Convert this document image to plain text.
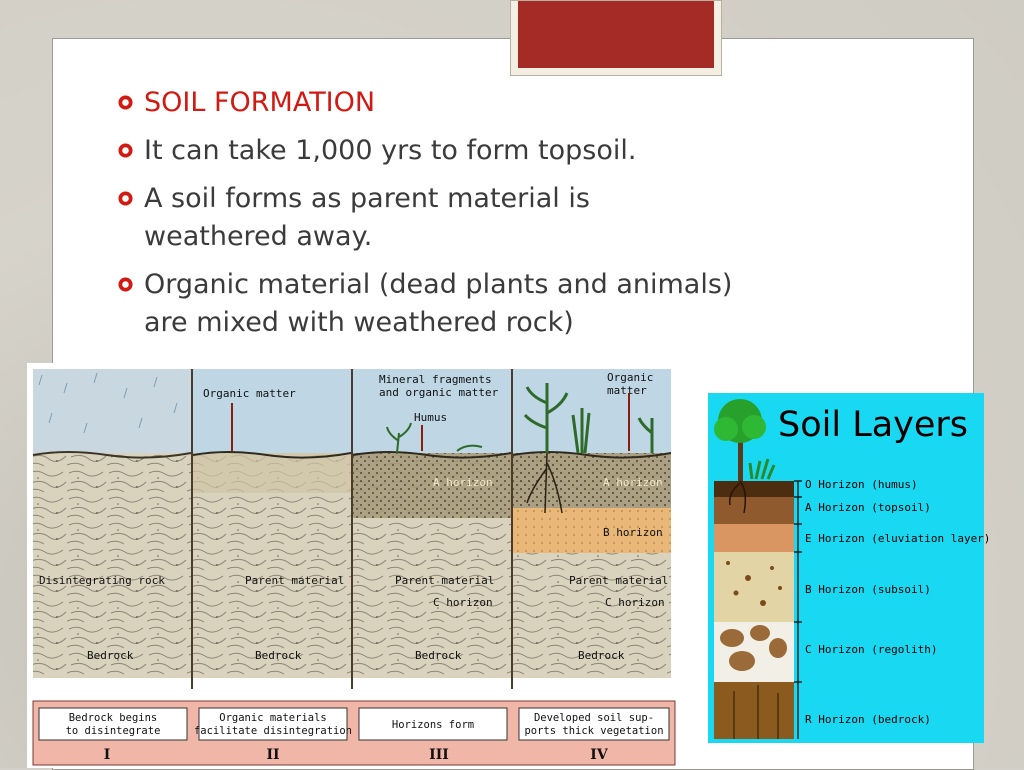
SOIL FORMATION
It can take 1,000 yrs to form topsoil.
A soil forms as parent material is weathered away.
Organic material (dead plants and animals) are mixed with weathered rock)
Disintegrating rock
Bedrock
Organic matter
Parent material
Bedrock
Mineral fragments
and organic matter
Humus
A horizon
Parent material
C horizon
Bedrock
Organic
matter
A horizon
B horizon
Parent material
C horizon
Bedrock
Bedrock begins
to disintegrate
Organic materials
facilitate disintegration	Horizons form
Developed soil sup-
ports thick vegetation
I	II	III	IV
Soil Layers
O Horizon (humus)
A Horizon (topsoil)
E Horizon (eluviation layer)
B Horizon (subsoil)
C Horizon (regolith)
R Horizon (bedrock)
